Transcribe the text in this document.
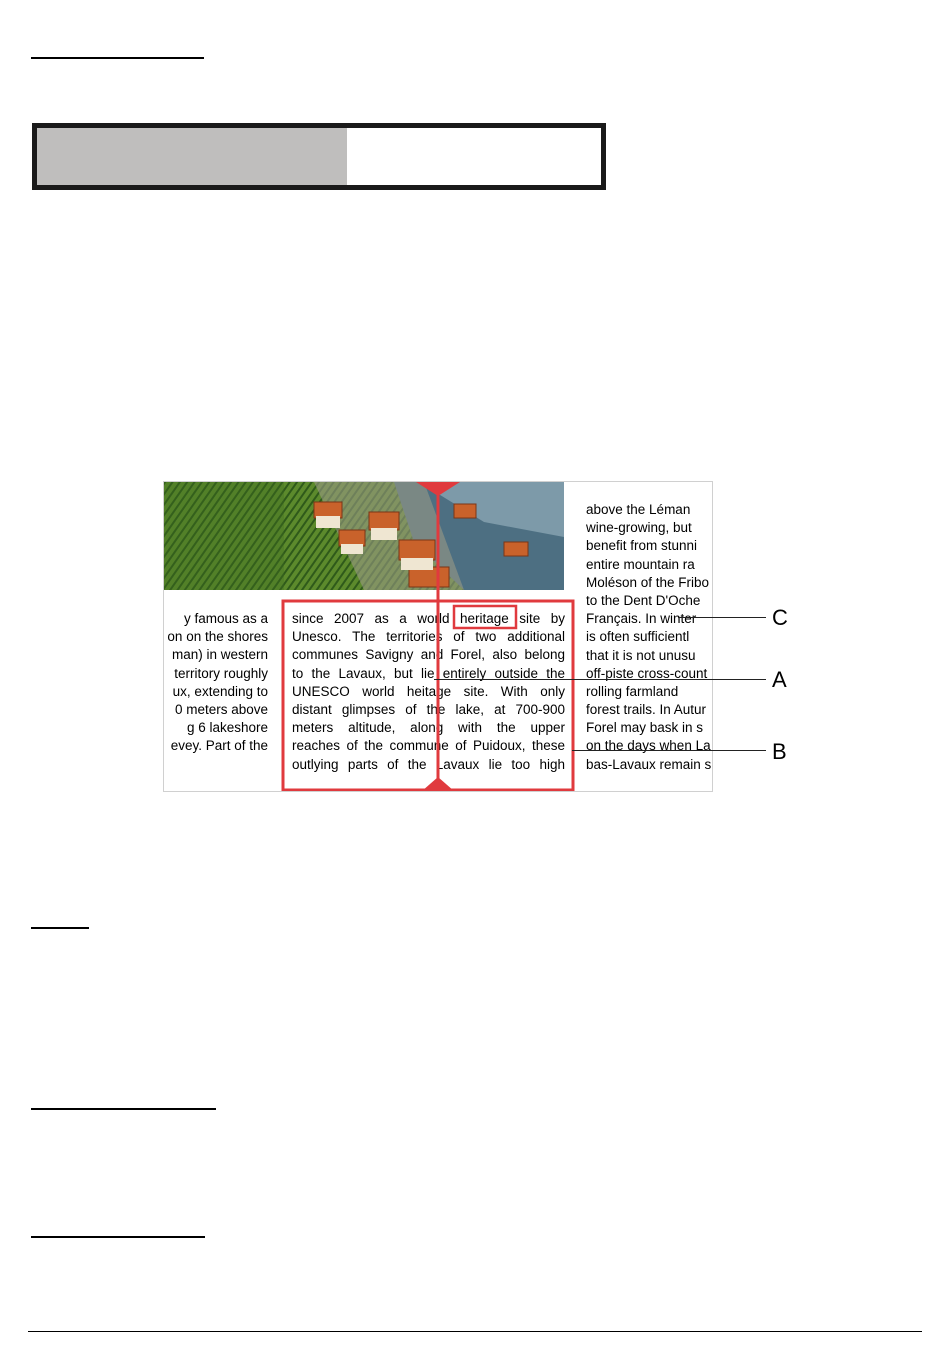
y famous as a
on on the shores
man) in western
territory roughly
ux, extending to
0 meters above
g 6 lakeshore
evey. Part of the
since 2007 as a world heritage site by
Unesco. The territories of two additional
communes Savigny and Forel, also belong
to the Lavaux, but lie entirely outside the
UNESCO world heitage site. With only
distant glimpses of the lake, at 700-900
meters altitude, along with the upper
reaches of the commune of Puidoux, these
outlying parts of the Lavaux lie too high
above the Léman
wine-growing, but
benefit from stunni
entire mountain ra
Moléson of the Fribo
to the Dent D'Oche
Français. In winter
is often sufficientl
that it is not unusu
off-piste cross-count
rolling farmland
forest trails. In Autur
Forel may bask in s
on the days when La
bas-Lavaux remain s
C
A
B
